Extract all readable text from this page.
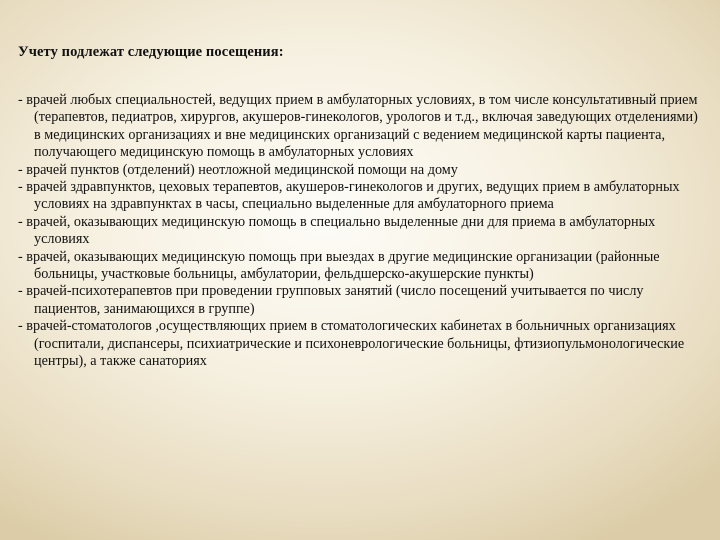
Учету подлежат следующие посещения:
- врачей любых специальностей, ведущих прием в амбулаторных условиях, в том числе консультативный прием (терапевтов, педиатров, хирургов, акушеров-гинекологов, урологов и т.д., включая заведующих отделениями) в медицинских организациях и вне медицинских организаций с ведением медицинской карты пациента, получающего медицинскую помощь в амбулаторных условиях
- врачей пунктов (отделений) неотложной медицинской помощи на дому
- врачей здравпунктов, цеховых терапевтов, акушеров-гинекологов и других, ведущих прием в амбулаторных условиях на здравпунктах в часы, специально выделенные для амбулаторного приема
- врачей, оказывающих медицинскую помощь в специально выделенные дни для приема в амбулаторных условиях
- врачей, оказывающих медицинскую помощь при выездах в другие медицинские организации (районные больницы, участковые больницы, амбулатории, фельдшерско-акушерские пункты)
- врачей-психотерапевтов при проведении групповых занятий (число посещений учитывается по числу пациентов, занимающихся в группе)
- врачей-стоматологов ,осуществляющих прием в стоматологических кабинетах в больничных организациях (госпитали, диспансеры, психиатрические и психоневрологические больницы, фтизиопульмонологические центры), а также санаториях
